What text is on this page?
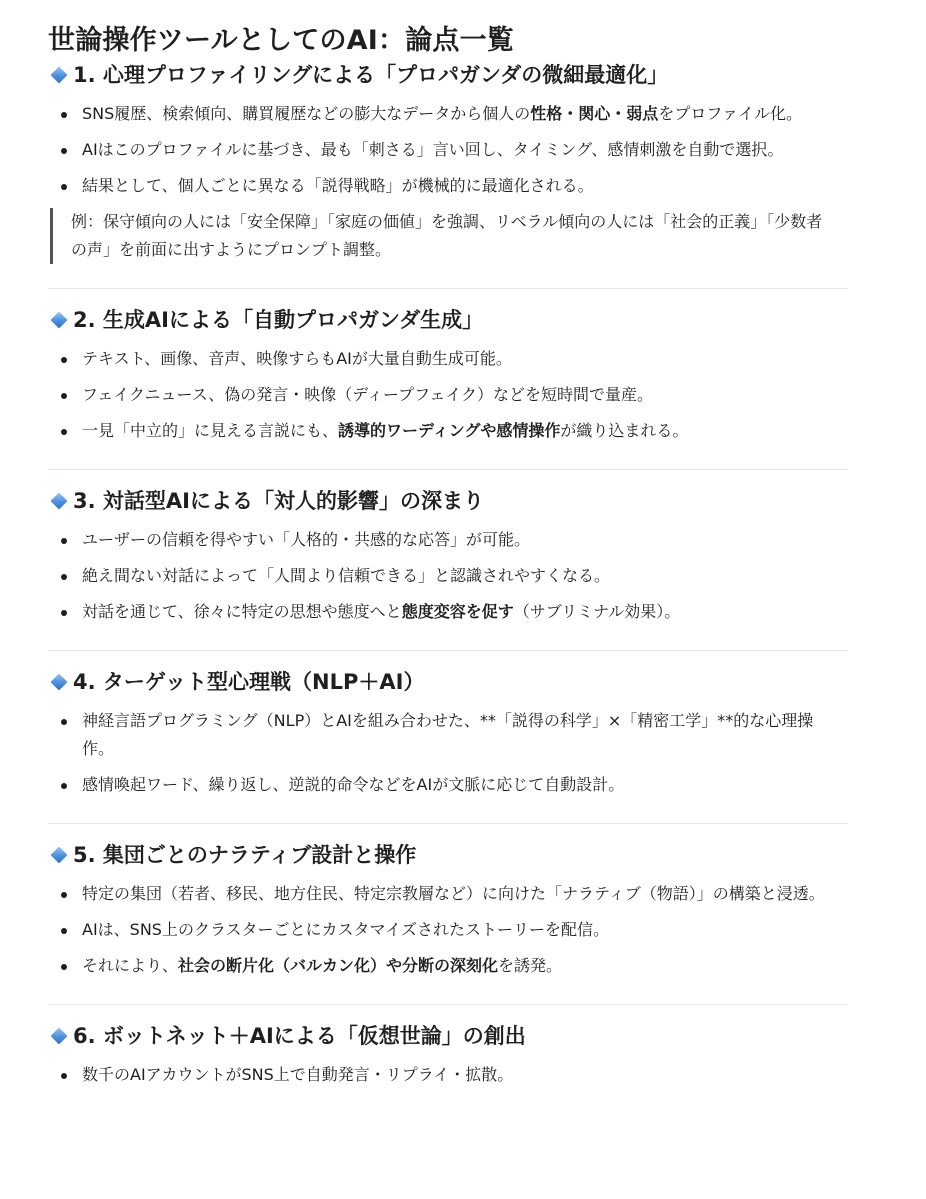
世論操作ツールとしてのAI：論点一覧
1. 心理プロファイリングによる「プロパガンダの微細最適化」
SNS履歴、検索傾向、購買履歴などの膨大なデータから個人の性格・関心・弱点をプロファイル化。
AIはこのプロファイルに基づき、最も「刺さる」言い回し、タイミング、感情刺激を自動で選択。
結果として、個人ごとに異なる「説得戦略」が機械的に最適化される。
例：保守傾向の人には「安全保障」「家庭の価値」を強調、リベラル傾向の人には「社会的正義」「少数者の声」を前面に出すようにプロンプト調整。
2. 生成AIによる「自動プロパガンダ生成」
テキスト、画像、音声、映像すらもAIが大量自動生成可能。
フェイクニュース、偽の発言・映像（ディープフェイク）などを短時間で量産。
一見「中立的」に見える言説にも、誘導的ワーディングや感情操作が織り込まれる。
3. 対話型AIによる「対人的影響」の深まり
ユーザーの信頼を得やすい「人格的・共感的な応答」が可能。
絶え間ない対話によって「人間より信頼できる」と認識されやすくなる。
対話を通じて、徐々に特定の思想や態度へと態度変容を促す（サブリミナル効果）。
4. ターゲット型心理戦（NLP＋AI）
神経言語プログラミング（NLP）とAIを組み合わせた、**「説得の科学」×「精密工学」**的な心理操作。
感情喚起ワード、繰り返し、逆説的命令などをAIが文脈に応じて自動設計。
5. 集団ごとのナラティブ設計と操作
特定の集団（若者、移民、地方住民、特定宗教層など）に向けた「ナラティブ（物語）」の構築と浸透。
AIは、SNS上のクラスターごとにカスタマイズされたストーリーを配信。
それにより、社会の断片化（バルカン化）や分断の深刻化を誘発。
6. ボットネット＋AIによる「仮想世論」の創出
数千のAIアカウントがSNS上で自動発言・リプライ・拡散。
